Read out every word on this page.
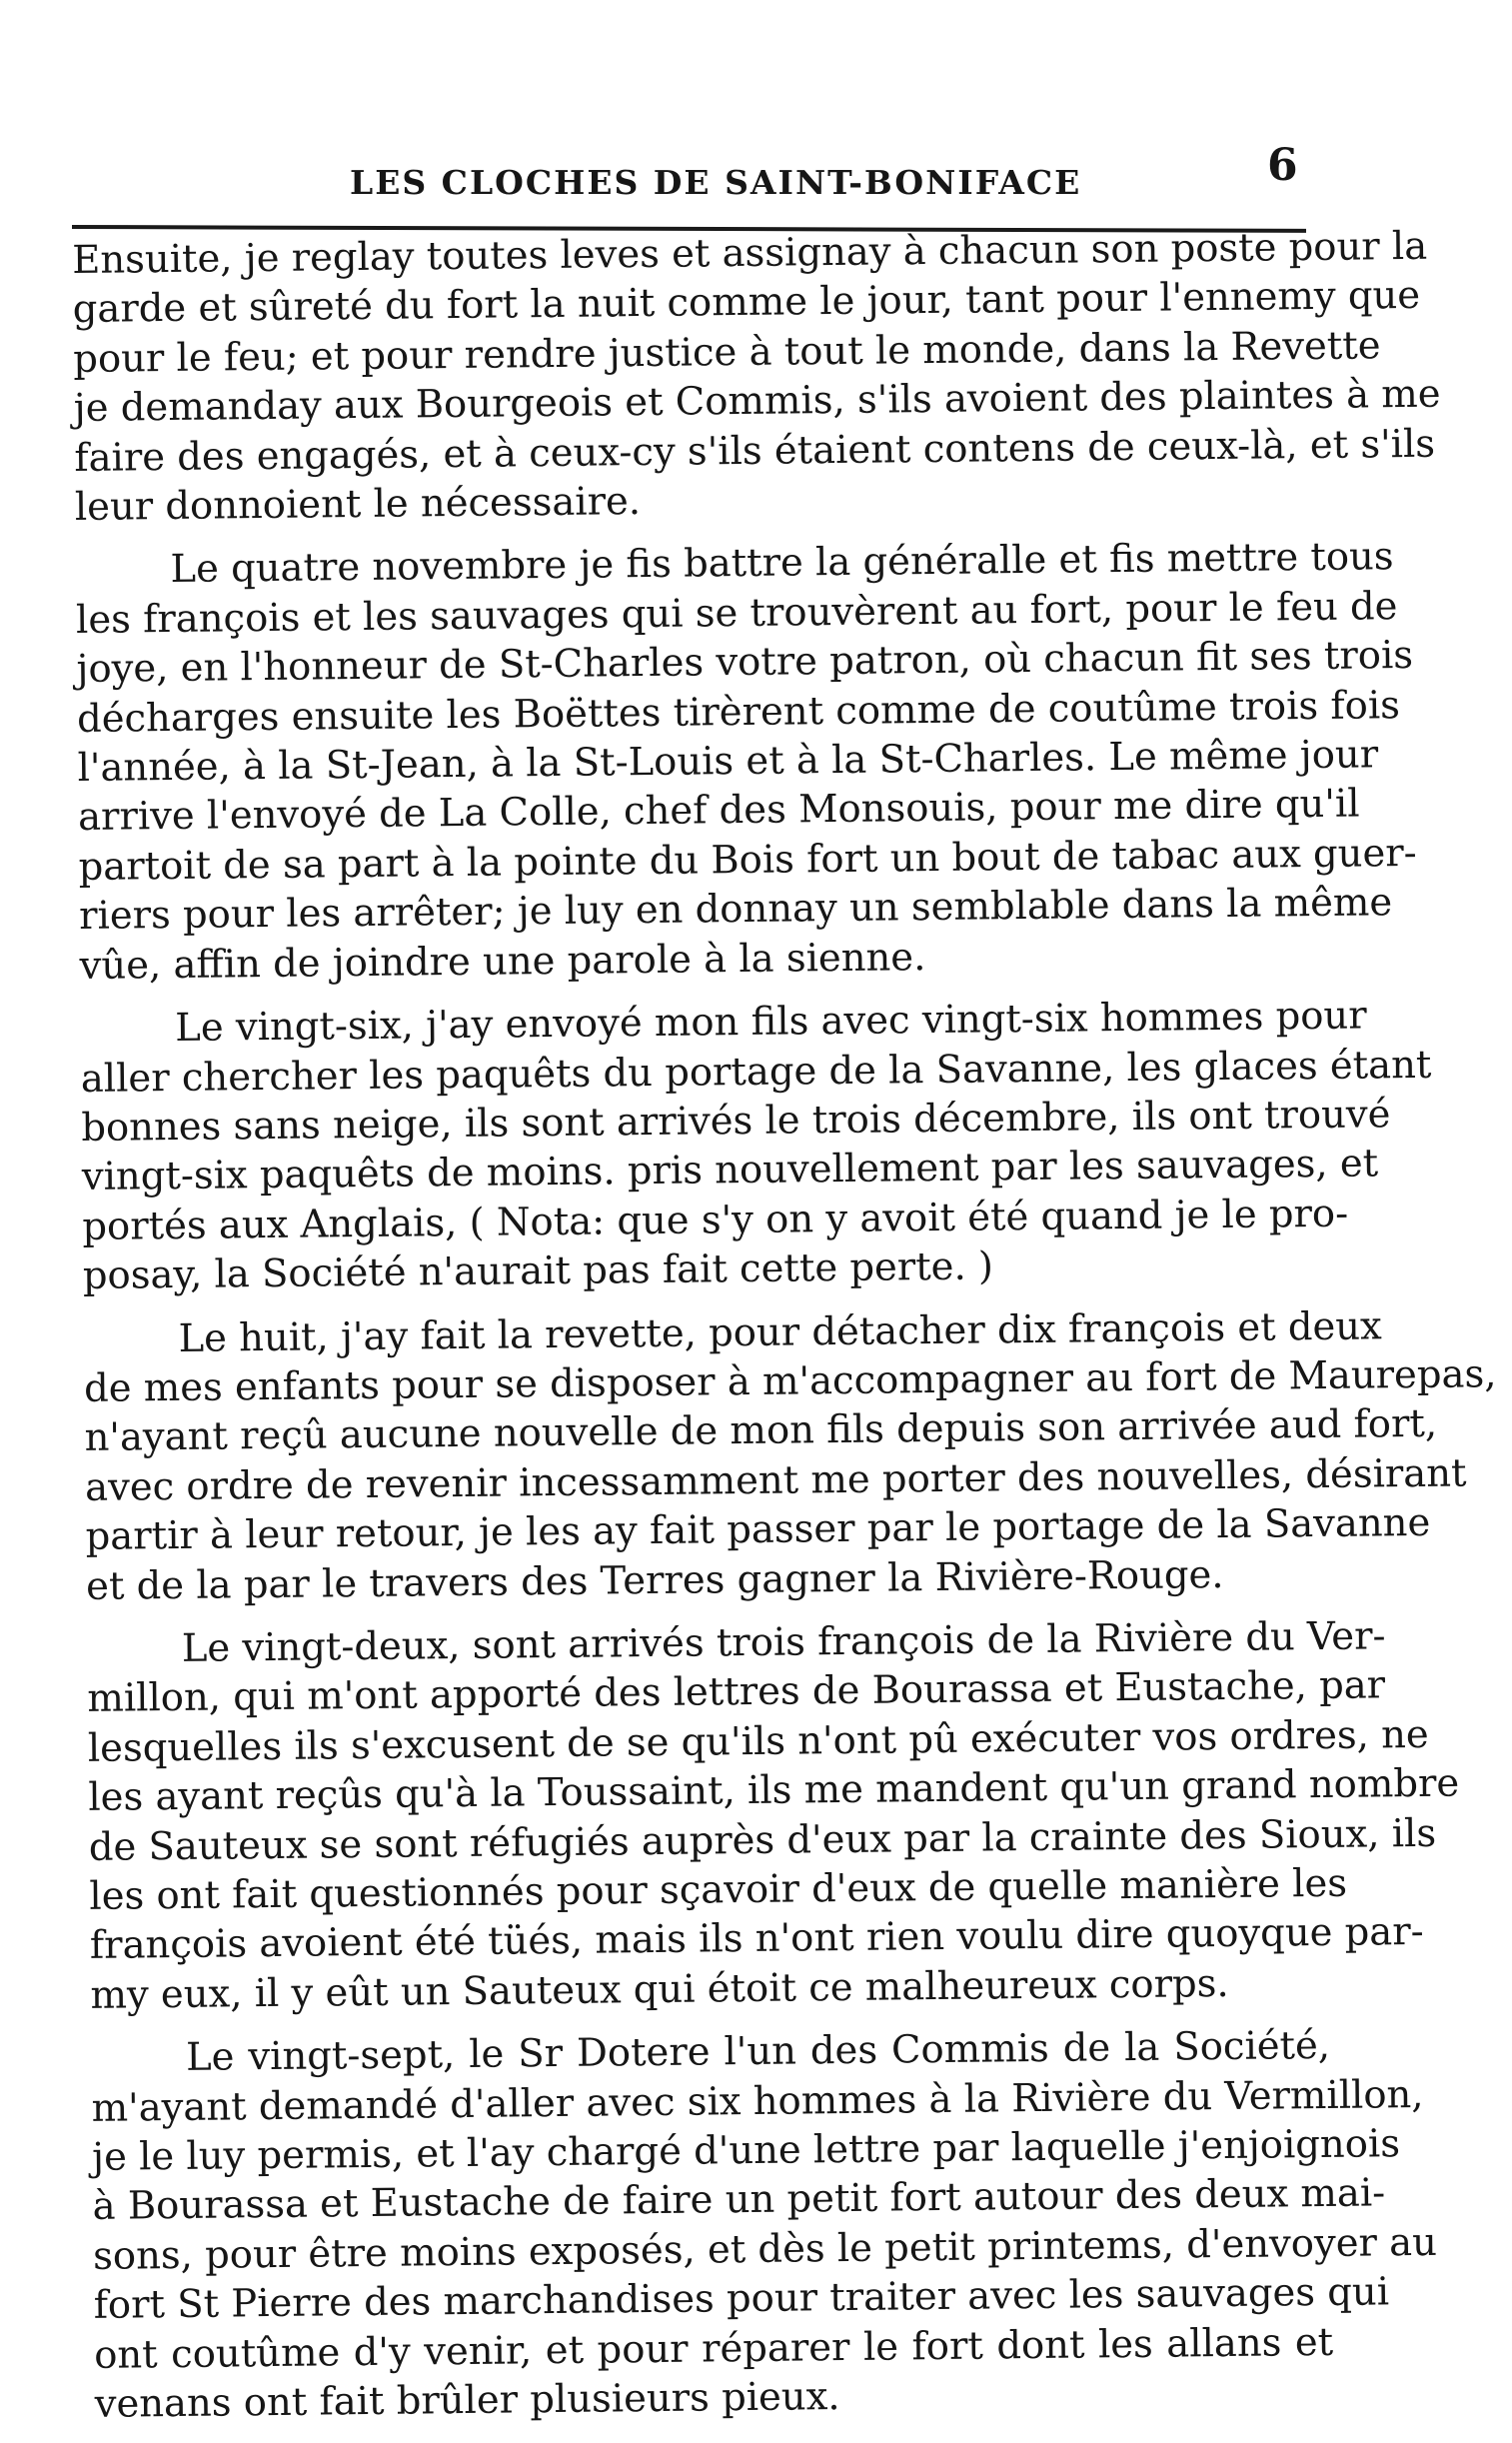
LES CLOCHES DE SAINT-BONIFACE	6
Ensuite, je reglay toutes leves et assignay à chacun son poste pour la
garde et sûreté du fort la nuit comme le jour, tant pour l'ennemy que
pour le feu; et pour rendre justice à tout le monde, dans la Revette
je demanday aux Bourgeois et Commis, s'ils avoient des plaintes à me
faire des engagés, et à ceux-cy s'ils étaient contens de ceux-là, et s'ils
leur donnoient le nécessaire.
Le quatre novembre je fis battre la généralle et fis mettre tous
les françois et les sauvages qui se trouvèrent au fort, pour le feu de
joye, en l'honneur de St-Charles votre patron, où chacun fit ses trois
décharges ensuite les Boëttes tirèrent comme de coutûme trois fois
l'année, à la St-Jean, à la St-Louis et à la St-Charles. Le même jour
arrive l'envoyé de La Colle, chef des Monsouis, pour me dire qu'il
partoit de sa part à la pointe du Bois fort un bout de tabac aux guer-
riers pour les arrêter; je luy en donnay un semblable dans la même
vûe, affin de joindre une parole à la sienne.
Le vingt-six, j'ay envoyé mon fils avec vingt-six hommes pour
aller chercher les paquêts du portage de la Savanne, les glaces étant
bonnes sans neige, ils sont arrivés le trois décembre, ils ont trouvé
vingt-six paquêts de moins. pris nouvellement par les sauvages, et
portés aux Anglais, ( Nota: que s'y on y avoit été quand je le pro-
posay, la Société n'aurait pas fait cette perte. )
Le huit, j'ay fait la revette, pour détacher dix françois et deux
de mes enfants pour se disposer à m'accompagner au fort de Maurepas,
n'ayant reçû aucune nouvelle de mon fils depuis son arrivée aud fort,
avec ordre de revenir incessamment me porter des nouvelles, désirant
partir à leur retour, je les ay fait passer par le portage de la Savanne
et de la par le travers des Terres gagner la Rivière-Rouge.
Le vingt-deux, sont arrivés trois françois de la Rivière du Ver-
millon, qui m'ont apporté des lettres de Bourassa et Eustache, par
lesquelles ils s'excusent de se qu'ils n'ont pû exécuter vos ordres, ne
les ayant reçûs qu'à la Toussaint, ils me mandent qu'un grand nombre
de Sauteux se sont réfugiés auprès d'eux par la crainte des Sioux, ils
les ont fait questionnés pour sçavoir d'eux de quelle manière les
françois avoient été tüés, mais ils n'ont rien voulu dire quoyque par-
my eux, il y eût un Sauteux qui étoit ce malheureux corps.
Le vingt-sept, le Sr Dotere l'un des Commis de la Société,
m'ayant demandé d'aller avec six hommes à la Rivière du Vermillon,
je le luy permis, et l'ay chargé d'une lettre par laquelle j'enjoignois
à Bourassa et Eustache de faire un petit fort autour des deux mai-
sons, pour être moins exposés, et dès le petit printems, d'envoyer au
fort St Pierre des marchandises pour traiter avec les sauvages qui
ont coutûme d'y venir, et pour réparer le fort dont les allans et
venans ont fait brûler plusieurs pieux.
